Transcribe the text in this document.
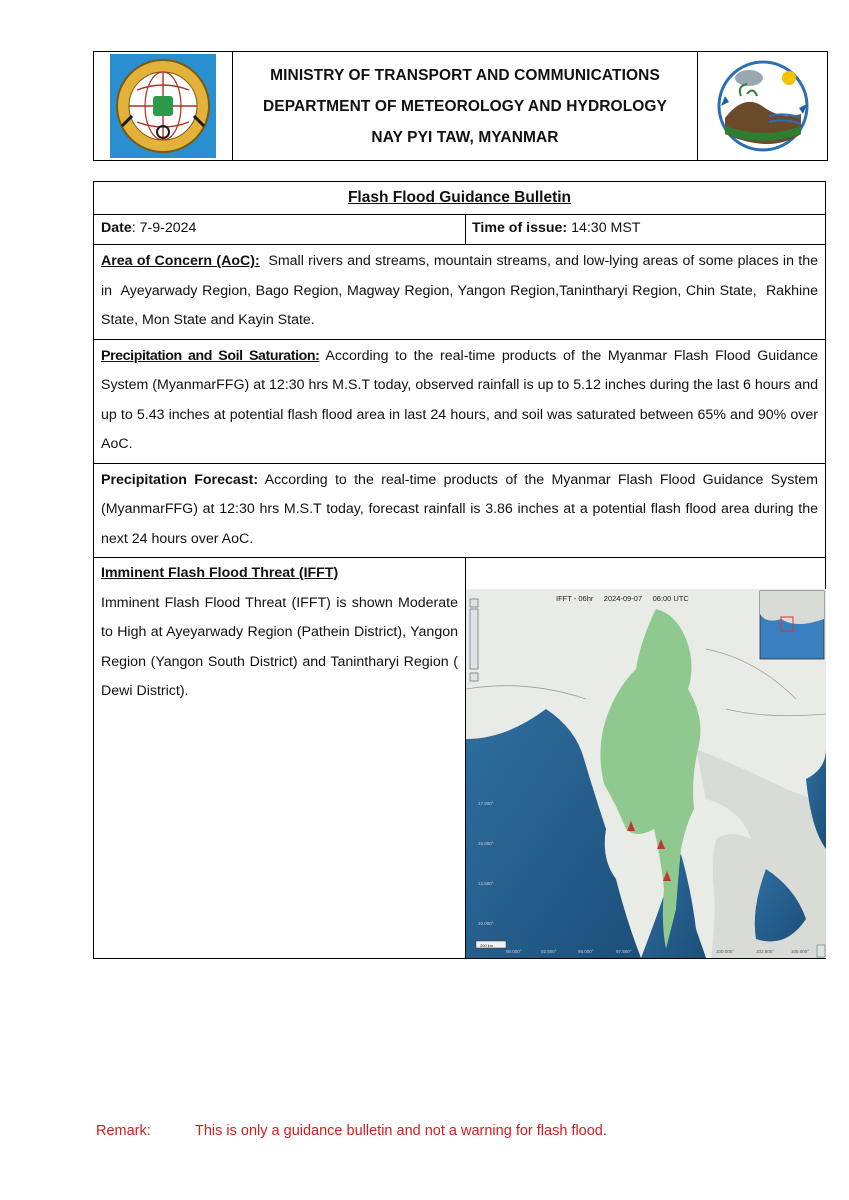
MINISTRY OF TRANSPORT AND COMMUNICATIONS
DEPARTMENT OF METEOROLOGY AND HYDROLOGY
NAY PYI TAW, MYANMAR
Flash Flood Guidance Bulletin
Date: 7-9-2024	Time of issue: 14:30 MST
Area of Concern (AoC):  Small rivers and streams, mountain streams, and low-lying areas of some places in the in  Ayeyarwady Region, Bago Region, Magway Region, Yangon Region,Tanintharyi Region, Chin State,  Rakhine State, Mon State and Kayin State.
Precipitation and Soil Saturation: According to the real-time products of the Myanmar Flash Flood Guidance System (MyanmarFFG) at 12:30 hrs M.S.T today, observed rainfall is up to 5.12 inches during the last 6 hours and up to 5.43 inches at potential flash flood area in last 24 hours, and soil was saturated between 65% and 90% over AoC.
Precipitation Forecast: According to the real-time products of the Myanmar Flash Flood Guidance System (MyanmarFFG) at 12:30 hrs M.S.T today, forecast rainfall is 3.86 inches at a potential flash flood area during the next 24 hours over AoC.
Imminent Flash Flood Threat (IFFT)
Imminent Flash Flood Threat (IFFT) is shown Moderate to High at Ayeyarwady Region (Pathein District), Yangon Region (Yangon South District) and Tanintharyi Region ( Dewi District).
IFFT - 06hr     2024-09-07     06:00 UTC
17.500°
15.000°
12.500°
10.000°
90.000°	92.500°	95.000°	97.500°	100.000°	102.500°	105.000°
200 km
Remark:	This is only a guidance bulletin and not a warning for flash flood.
